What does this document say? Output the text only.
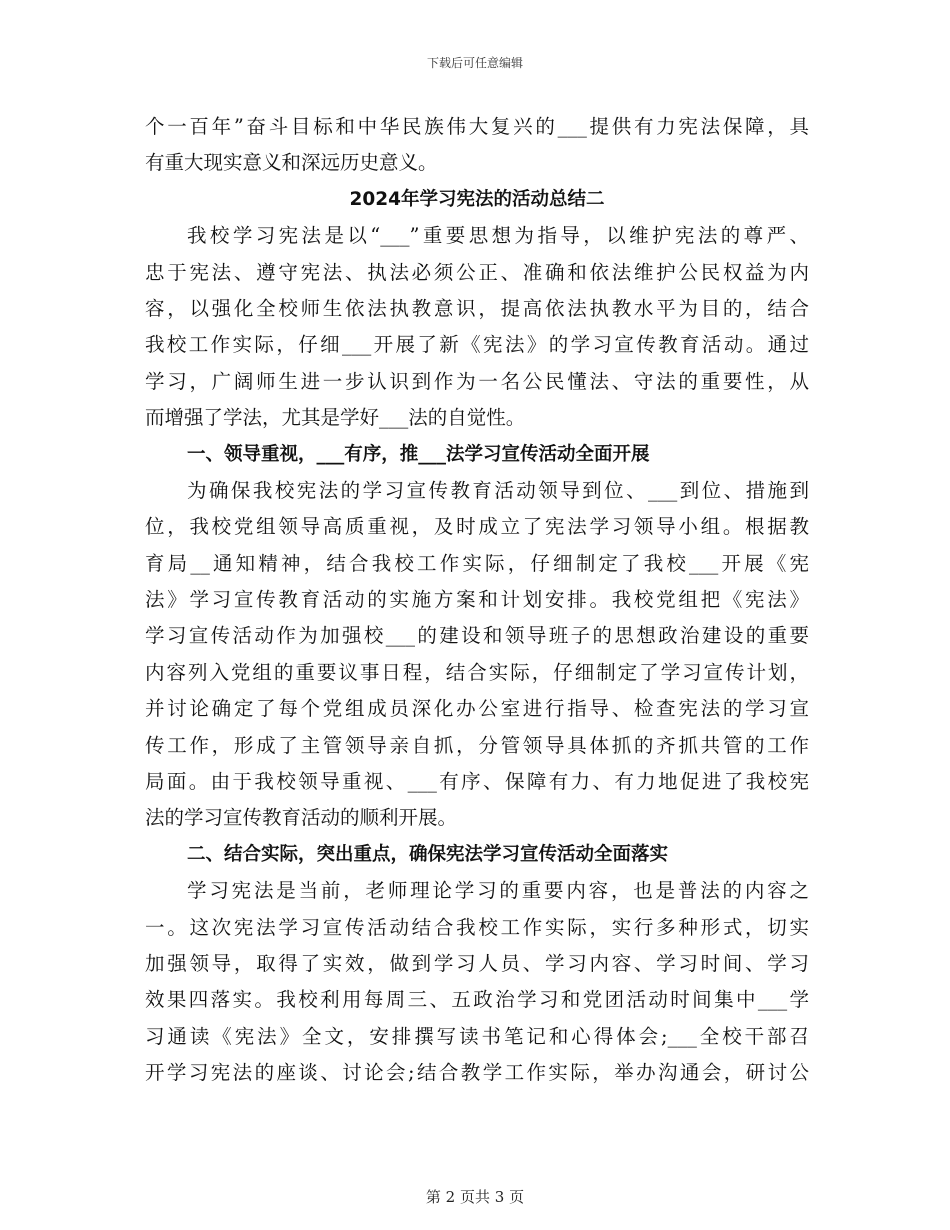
下载后可任意编辑
个一百年”奋斗目标和中华民族伟大复兴的___提供有力宪法保障，具
有重大现实意义和深远历史意义。
2024年学习宪法的活动总结二
我校学习宪法是以“___”重要思想为指导，以维护宪法的尊严、
忠于宪法、遵守宪法、执法必须公正、准确和依法维护公民权益为内
容，以强化全校师生依法执教意识，提高依法执教水平为目的，结合
我校工作实际，仔细___开展了新《宪法》的学习宣传教育活动。通过
学习，广阔师生进一步认识到作为一名公民懂法、守法的重要性，从
而增强了学法，尤其是学好___法的自觉性。
一、领导重视，___有序，推___法学习宣传活动全面开展
为确保我校宪法的学习宣传教育活动领导到位、___到位、措施到
位，我校党组领导高质重视，及时成立了宪法学习领导小组。根据教
育局__通知精神，结合我校工作实际，仔细制定了我校___开展《宪
法》学习宣传教育活动的实施方案和计划安排。我校党组把《宪法》
学习宣传活动作为加强校___的建设和领导班子的思想政治建设的重要
内容列入党组的重要议事日程，结合实际，仔细制定了学习宣传计划，
并讨论确定了每个党组成员深化办公室进行指导、检查宪法的学习宣
传工作，形成了主管领导亲自抓，分管领导具体抓的齐抓共管的工作
局面。由于我校领导重视、___有序、保障有力、有力地促进了我校宪
法的学习宣传教育活动的顺利开展。
二、结合实际，突出重点，确保宪法学习宣传活动全面落实
学习宪法是当前，老师理论学习的重要内容，也是普法的内容之
一。这次宪法学习宣传活动结合我校工作实际，实行多种形式，切实
加强领导，取得了实效，做到学习人员、学习内容、学习时间、学习
效果四落实。我校利用每周三、五政治学习和党团活动时间集中___学
习通读《宪法》全文，安排撰写读书笔记和心得体会;___全校干部召
开学习宪法的座谈、讨论会;结合教学工作实际，举办沟通会，研讨公
第 2 页共 3 页
